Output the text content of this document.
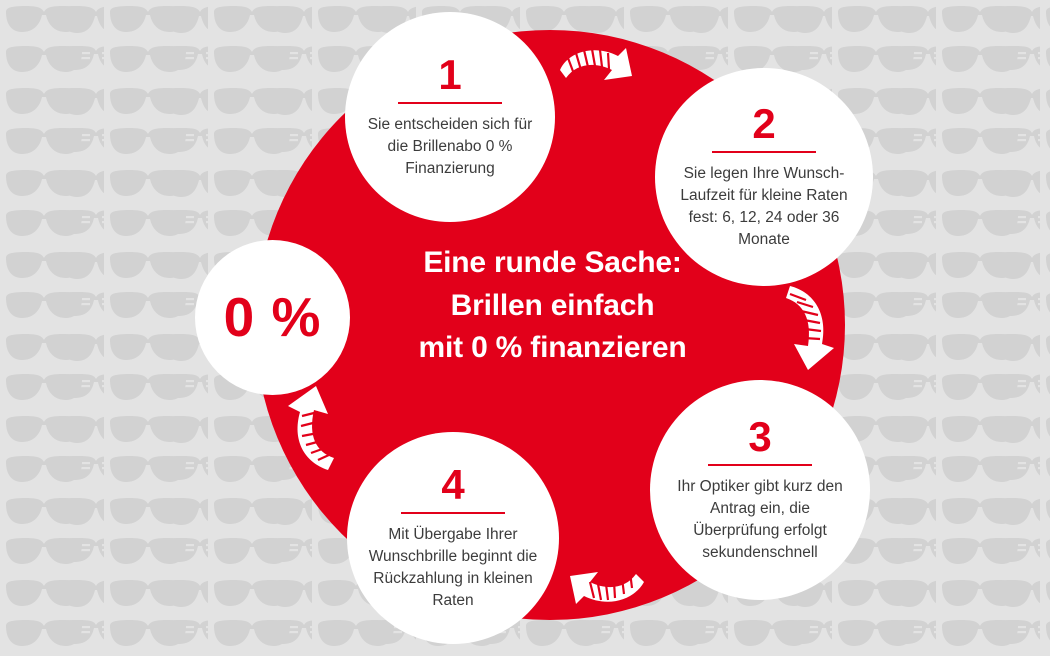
Eine runde Sache:
Brillen einfach
mit 0 % finanzieren
1
Sie entscheiden sich für die Brillenabo 0 % Finanzierung
2
Sie legen Ihre Wunsch-Laufzeit für kleine Raten fest: 6, 12, 24 oder 36 Monate
3
Ihr Optiker gibt kurz den Antrag ein, die Überprüfung erfolgt sekundenschnell
4
Mit Übergabe Ihrer Wunschbrille beginnt die Rückzahlung in kleinen Raten
0 %
